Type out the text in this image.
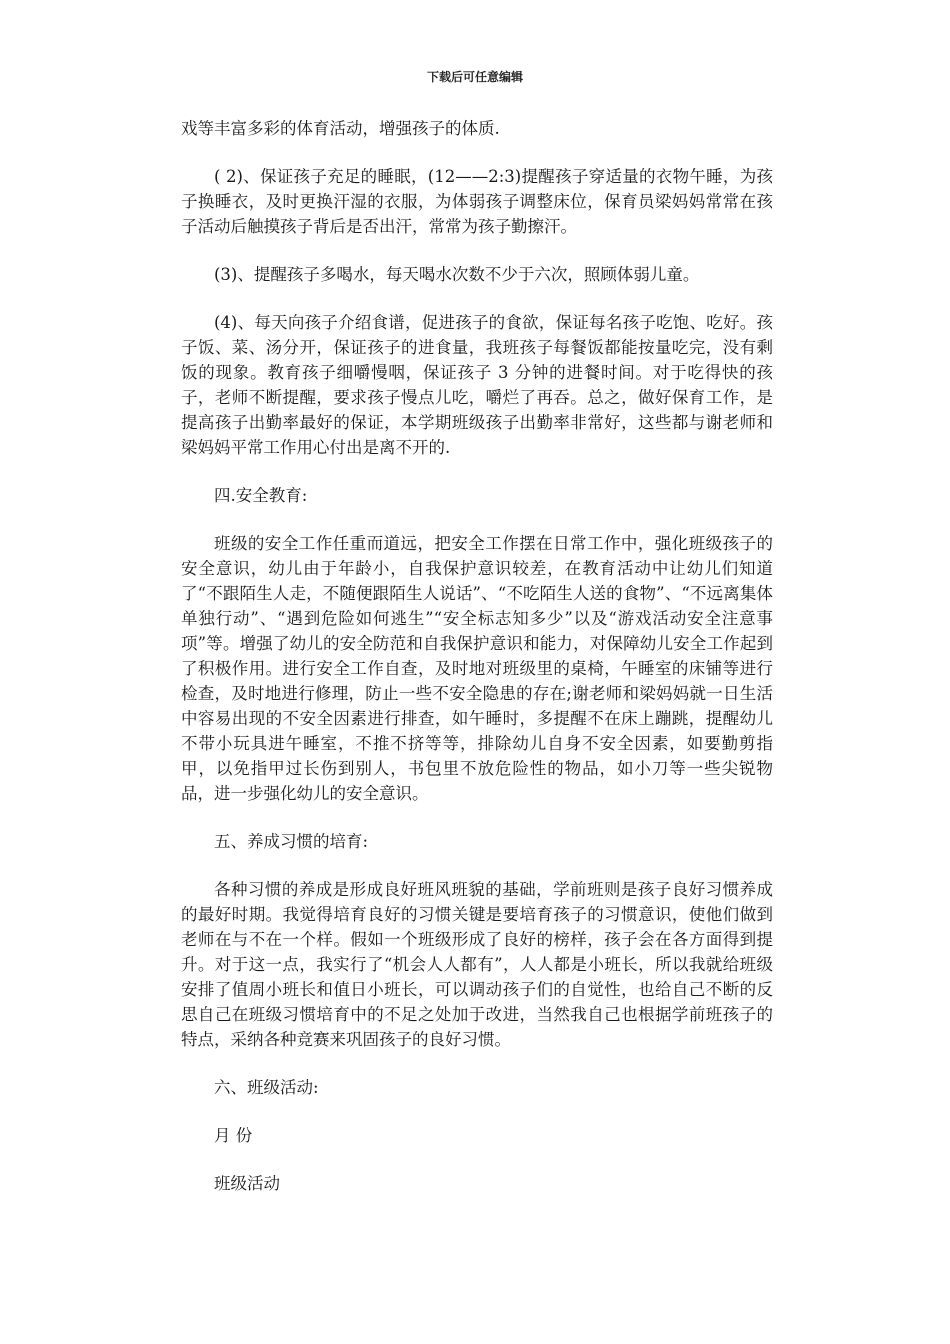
下载后可任意编辑

戏等丰富多彩的体育活动，增强孩子的体质.

( 2)、保证孩子充足的睡眠，(12——2:3)提醒孩子穿适量的衣物午睡，为孩子换睡衣，及时更换汗湿的衣服，为体弱孩子调整床位，保育员梁妈妈常常在孩子活动后触摸孩子背后是否出汗，常常为孩子勤擦汗。

(3)、提醒孩子多喝水，每天喝水次数不少于六次，照顾体弱儿童。

(4)、每天向孩子介绍食谱，促进孩子的食欲，保证每名孩子吃饱、吃好。孩子饭、菜、汤分开，保证孩子的进食量，我班孩子每餐饭都能按量吃完，没有剩饭的现象。教育孩子细嚼慢咽，保证孩子 3 分钟的进餐时间。对于吃得快的孩子，老师不断提醒，要求孩子慢点儿吃，嚼烂了再吞。总之，做好保育工作，是提高孩子出勤率最好的保证，本学期班级孩子出勤率非常好，这些都与谢老师和梁妈妈平常工作用心付出是离不开的.

四.安全教育:

班级的安全工作任重而道远，把安全工作摆在日常工作中，强化班级孩子的安全意识，幼儿由于年龄小，自我保护意识较差，在教育活动中让幼儿们知道了“不跟陌生人走，不随便跟陌生人说话”、“不吃陌生人送的食物”、“不远离集体单独行动”、“遇到危险如何逃生”“安全标志知多少”以及“游戏活动安全注意事项”等。增强了幼儿的安全防范和自我保护意识和能力，对保障幼儿安全工作起到了积极作用。进行安全工作自查，及时地对班级里的桌椅，午睡室的床铺等进行检查，及时地进行修理，防止一些不安全隐患的存在;谢老师和梁妈妈就一日生活中容易出现的不安全因素进行排查，如午睡时，多提醒不在床上蹦跳，提醒幼儿不带小玩具进午睡室，不推不挤等等，排除幼儿自身不安全因素，如要勤剪指甲，以免指甲过长伤到别人，书包里不放危险性的物品，如小刀等一些尖锐物品，进一步强化幼儿的安全意识。

五、养成习惯的培育:

各种习惯的养成是形成良好班风班貌的基础，学前班则是孩子良好习惯养成的最好时期。我觉得培育良好的习惯关键是要培育孩子的习惯意识，使他们做到老师在与不在一个样。假如一个班级形成了良好的榜样，孩子会在各方面得到提升。对于这一点，我实行了“机会人人都有”，人人都是小班长，所以我就给班级安排了值周小班长和值日小班长，可以调动孩子们的自觉性，也给自己不断的反思自己在班级习惯培育中的不足之处加于改进，当然我自己也根据学前班孩子的特点，采纳各种竞赛来巩固孩子的良好习惯。

六、班级活动:

月 份

班级活动
